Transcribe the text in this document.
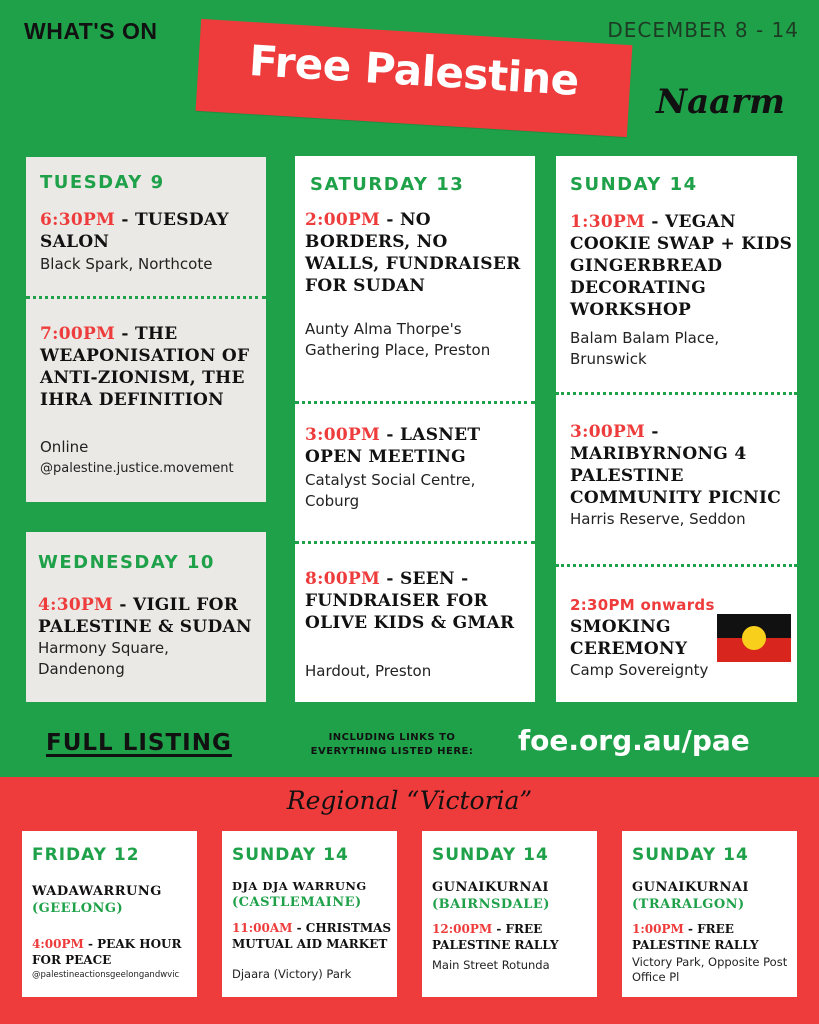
WHAT'S ON	DECEMBER 8 - 14
Free Palestine	Naarm
TUESDAY 9
6:30PM - TUESDAY SALON
Black Spark, Northcote
7:00PM - THE WEAPONISATION OF ANTI-ZIONISM, THE IHRA DEFINITION
Online
@palestine.justice.movement
WEDNESDAY 10
4:30PM - VIGIL FOR PALESTINE & SUDAN
Harmony Square, Dandenong
SATURDAY 13
2:00PM - NO BORDERS, NO WALLS, FUNDRAISER FOR SUDAN
Aunty Alma Thorpe's Gathering Place, Preston
3:00PM - LASNET OPEN MEETING
Catalyst Social Centre, Coburg
8:00PM - SEEN - FUNDRAISER FOR OLIVE KIDS & GMAR
Hardout, Preston
SUNDAY 14
1:30PM - VEGAN COOKIE SWAP + KIDS GINGERBREAD DECORATING WORKSHOP
Balam Balam Place, Brunswick
3:00PM - MARIBYRNONG 4 PALESTINE COMMUNITY PICNIC
Harris Reserve, Seddon
2:30PM onwards
SMOKING CEREMONY
Camp Sovereignty
FULL LISTING	INCLUDING LINKS TO EVERYTHING LISTED HERE:	foe.org.au/pae
Regional “Victoria”
FRIDAY 12
WADAWARRUNG
(GEELONG)
4:00PM - PEAK HOUR FOR PEACE
@palestineactionsgeelongandwvic
SUNDAY 14
DJA DJA WARRUNG
(CASTLEMAINE)
11:00AM - CHRISTMAS MUTUAL AID MARKET
Djaara (Victory) Park
SUNDAY 14
GUNAIKURNAI
(BAIRNSDALE)
12:00PM - FREE PALESTINE RALLY
Main Street Rotunda
SUNDAY 14
GUNAIKURNAI
(TRARALGON)
1:00PM - FREE PALESTINE RALLY
Victory Park, Opposite Post Office Pl
